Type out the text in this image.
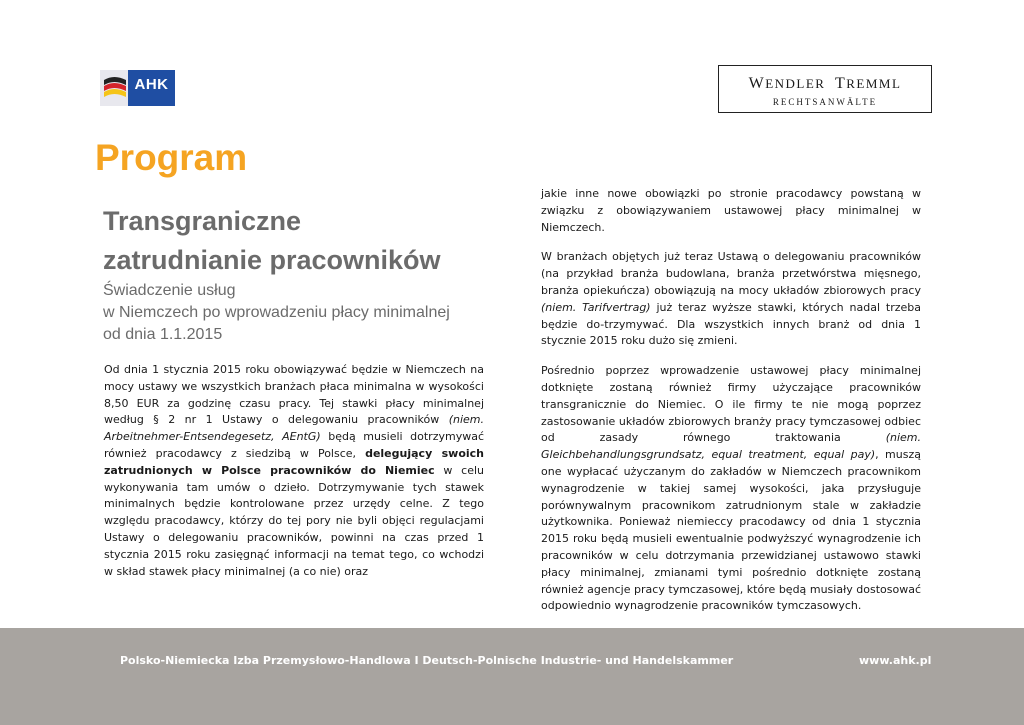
AHK	WENDLER TREMML
RECHTSANWÄLTE
Program
Transgraniczne
zatrudnianie pracowników
Świadczenie usług
w Niemczech po wprowadzeniu płacy minimalnej
od dnia 1.1.2015

Od dnia 1 stycznia 2015 roku obowiązywać będzie w Niemczech na mocy ustawy we wszystkich branżach płaca minimalna w wysokości 8,50 EUR za godzinę czasu pracy. Tej stawki płacy minimalnej według § 2 nr 1 Ustawy o delegowaniu pracowników (niem. Arbeitnehmer-Entsendegesetz, AEntG) będą musieli dotrzymywać również pracodawcy z siedzibą w Polsce, delegujący swoich zatrudnionych w Polsce pracowników do Niemiec w celu wykonywania tam umów o dzieło. Dotrzymywanie tych stawek minimalnych będzie kontrolowane przez urzędy celne. Z tego względu pracodawcy, którzy do tej pory nie byli objęci regulacjami Ustawy o delegowaniu pracowników, powinni na czas przed 1 stycznia 2015 roku zasięgnąć informacji na temat tego, co wchodzi w skład stawek płacy minimalnej (a co nie) oraz

jakie inne nowe obowiązki po stronie pracodawcy powstaną w związku z obowiązywaniem ustawowej płacy minimalnej w Niemczech.

W branżach objętych już teraz Ustawą o delegowaniu pracowników (na przykład branża budowlana, branża przetwórstwa mięsnego, branża opiekuńcza) obowiązują na mocy układów zbiorowych pracy (niem. Tarifvertrag) już teraz wyższe stawki, których nadal trzeba będzie do-trzymywać. Dla wszystkich innych branż od dnia 1 stycznie 2015 roku dużo się zmieni.

Pośrednio poprzez wprowadzenie ustawowej płacy minimalnej dotknięte zostaną również firmy użyczające pracowników transgranicznie do Niemiec. O ile firmy te nie mogą poprzez zastosowanie układów zbiorowych branży pracy tymczasowej odbiec od zasady równego traktowania (niem. Gleichbehandlungsgrundsatz, equal treatment, equal pay), muszą one wypłacać użyczanym do zakładów w Niemczech pracownikom wynagrodzenie w takiej samej wysokości, jaka przysługuje porównywalnym pracownikom zatrudnionym stale w zakładzie użytkownika. Ponieważ niemieccy pracodawcy od dnia 1 stycznia 2015 roku będą musieli ewentualnie podwyższyć wynagrodzenie ich pracowników w celu dotrzymania przewidzianej ustawowo stawki płacy minimalnej, zmianami tymi pośrednio dotknięte zostaną również agencje pracy tymczasowej, które będą musiały dostosować odpowiednio wynagrodzenie pracowników tymczasowych.

Polsko-Niemiecka Izba Przemysłowo-Handlowa I Deutsch-Polnische Industrie- und Handelskammer	www.ahk.pl
